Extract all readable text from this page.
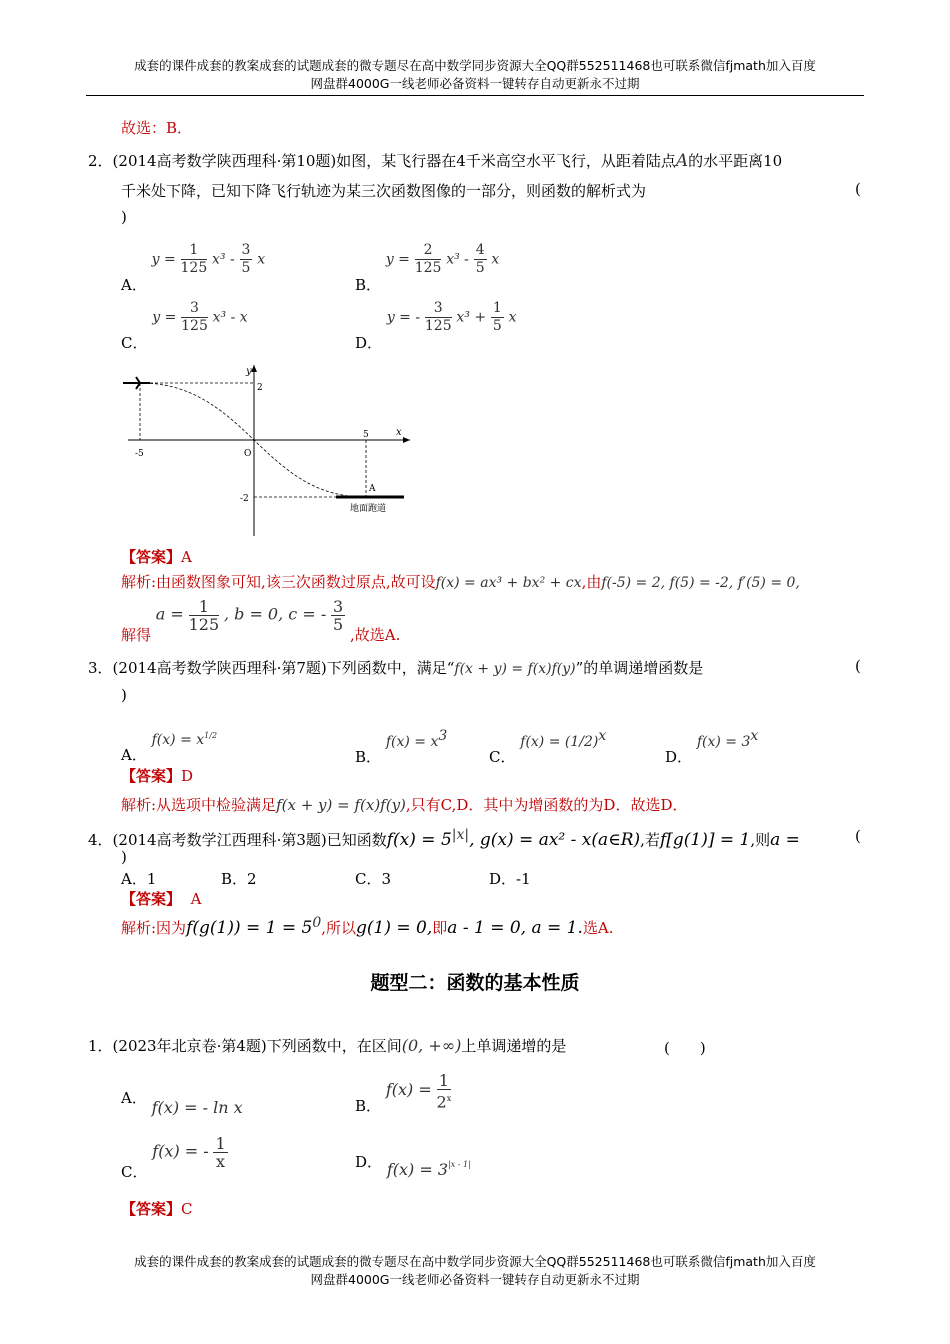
成套的课件成套的教案成套的试题成套的微专题尽在高中数学同步资源大全QQ群552511468也可联系微信fjmath加入百度
网盘群4000G一线老师必备资料一键转存自动更新永不过期
故选：B．
2．(2014高考数学陕西理科·第10题)如图，某飞行器在4千米高空水平飞行，从距着陆点A的水平距离10
千米处下降，已知下降飞行轨迹为某三次函数图像的一部分，则函数的解析式为	(
)
A． $y = \frac{1}{125} x^3 - \frac{3}{5}$ x
B． $y = \frac{2}{125} x^3 - \frac{4}{5}$ x
C． $y = \frac{3}{125} x^3 - x$
D． y = - $\frac{3}{125} x^3 + \frac{1}{5}$ x
y
x
2
-2
-5
5
O
A
地面跑道
【答案】A
解析:由函数图象可知,该三次函数过原点,故可设f(x) = ax³ + bx² + cx,由f(-5) = 2, f(5) = -2, f′(5) = 0,
解得 $a = \frac{1}{125}$ , b = 0, c = - $\frac{3}{5}$
,故选A.
3．(2014高考数学陕西理科·第7题)下列函数中，满足“f(x + y) = f(x)f(y)”的单调递增函数是	(
)
A． $f(x) = x^{1/2}$
B． $f(x) = x^3$
C． $f(x) = (1/2)^x$
D． $f(x) = 3^x$
【答案】D
解析:从选项中检验满足f(x + y) = f(x)f(y),只有C,D．其中为增函数的为D．故选D．
4．(2014高考数学江西理科·第3题)已知函数$f(x) = 5^{|x|}$, g(x) = ax² - x(a∈R),若f[g(1)] = 1,则a =	(
)
A．1	B．2	C．3	D．-1
【答案】 A
解析:因为$f(g(1)) = 1 = 5^0$,所以g(1) = 0,即a - 1 = 0, a = 1.选A.
题型二：函数的基本性质
1．(2023年北京卷·第4题)下列函数中，在区间(0, +∞)上单调递增的是	(　　)
A． f(x) = - ln x	B． $f(x) = \frac{1}{2^x}$
C． f(x) = - $\frac{1}{x}$	D． $f(x) = 3^{|x - 1|}$
【答案】C
成套的课件成套的教案成套的试题成套的微专题尽在高中数学同步资源大全QQ群552511468也可联系微信fjmath加入百度
网盘群4000G一线老师必备资料一键转存自动更新永不过期
